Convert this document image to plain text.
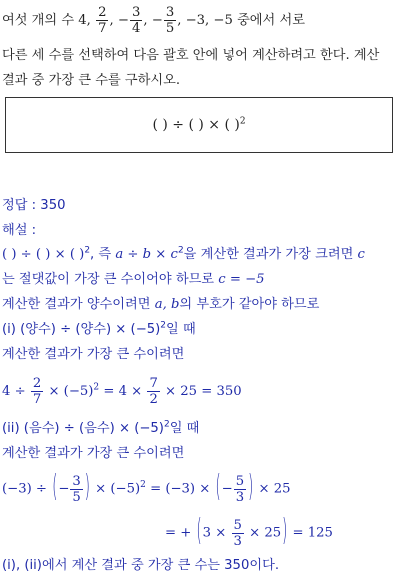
여섯 개의 수 4, $\frac{2}{7}$ , − $\frac{3}{4}$ , − $\frac{3}{5}$ , −3, −5 중에서 서로
다른 세 수를 선택하여 다음 괄호 안에 넣어 계산하려고 한다. 계산
결과 중 가장 큰 수를 구하시오.
( ) ÷ ( ) × ( )$^2$
정답 : 350
해설 :
( ) ÷ ( ) × ( )$^2$, 즉 $a \div b \times c^2$을 계산한 결과가 가장 크려면 c
는 절댓값이 가장 큰 수이어야 하므로 c = −5
계산한 결과가 양수이려면 a, b의 부호가 같아야 하므로
(i) (양수) ÷ (양수) × $(-5)^2$일 때
계산한 결과가 가장 큰 수이려면
$4 \div \frac{2}{7} \times (-5)^2 = 4 \times \frac{7}{2} \times 25 = 350$
(ii) (음수) ÷ (음수) × $(-5)^2$일 때
계산한 결과가 가장 큰 수이려면
(−3) ÷ (− $\frac{3}{5}$ ) × $(-5)^2 = (-3)$ × (− $\frac{5}{3}$ ) × 25
= + $(3 \times \frac{5}{3} \times 25) = 125$
(i), (ii)에서 계산 결과 중 가장 큰 수는 350이다.
